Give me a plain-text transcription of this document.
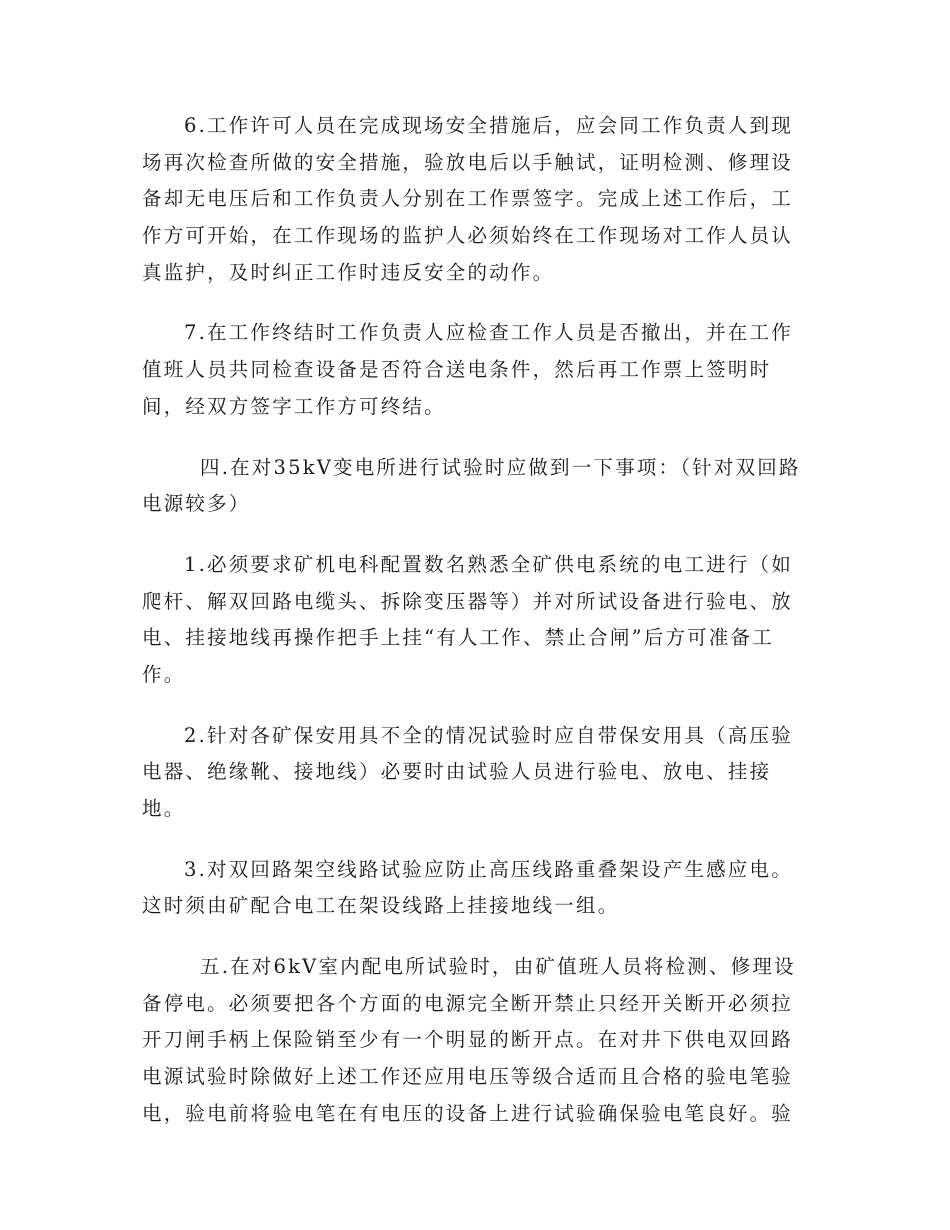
6.工作许可人员在完成现场安全措施后，应会同工作负责人到现
场再次检查所做的安全措施，验放电后以手触试，证明检测、修理设
备却无电压后和工作负责人分别在工作票签字。完成上述工作后，工
作方可开始，在工作现场的监护人必须始终在工作现场对工作人员认
真监护，及时纠正工作时违反安全的动作。

7.在工作终结时工作负责人应检查工作人员是否撤出，并在工作
值班人员共同检查设备是否符合送电条件，然后再工作票上签明时
间，经双方签字工作方可终结。

四.在对35kV变电所进行试验时应做到一下事项：（针对双回路
电源较多）

1.必须要求矿机电科配置数名熟悉全矿供电系统的电工进行（如
爬杆、解双回路电缆头、拆除变压器等）并对所试设备进行验电、放
电、挂接地线再操作把手上挂“有人工作、禁止合闸”后方可准备工
作。

2.针对各矿保安用具不全的情况试验时应自带保安用具（高压验
电器、绝缘靴、接地线）必要时由试验人员进行验电、放电、挂接
地。

3.对双回路架空线路试验应防止高压线路重叠架设产生感应电。
这时须由矿配合电工在架设线路上挂接地线一组。

五.在对6kV室内配电所试验时，由矿值班人员将检测、修理设
备停电。必须要把各个方面的电源完全断开禁止只经开关断开必须拉
开刀闸手柄上保险销至少有一个明显的断开点。在对井下供电双回路
电源试验时除做好上述工作还应用电压等级合适而且合格的验电笔验
电，验电前将验电笔在有电压的设备上进行试验确保验电笔良好。验
